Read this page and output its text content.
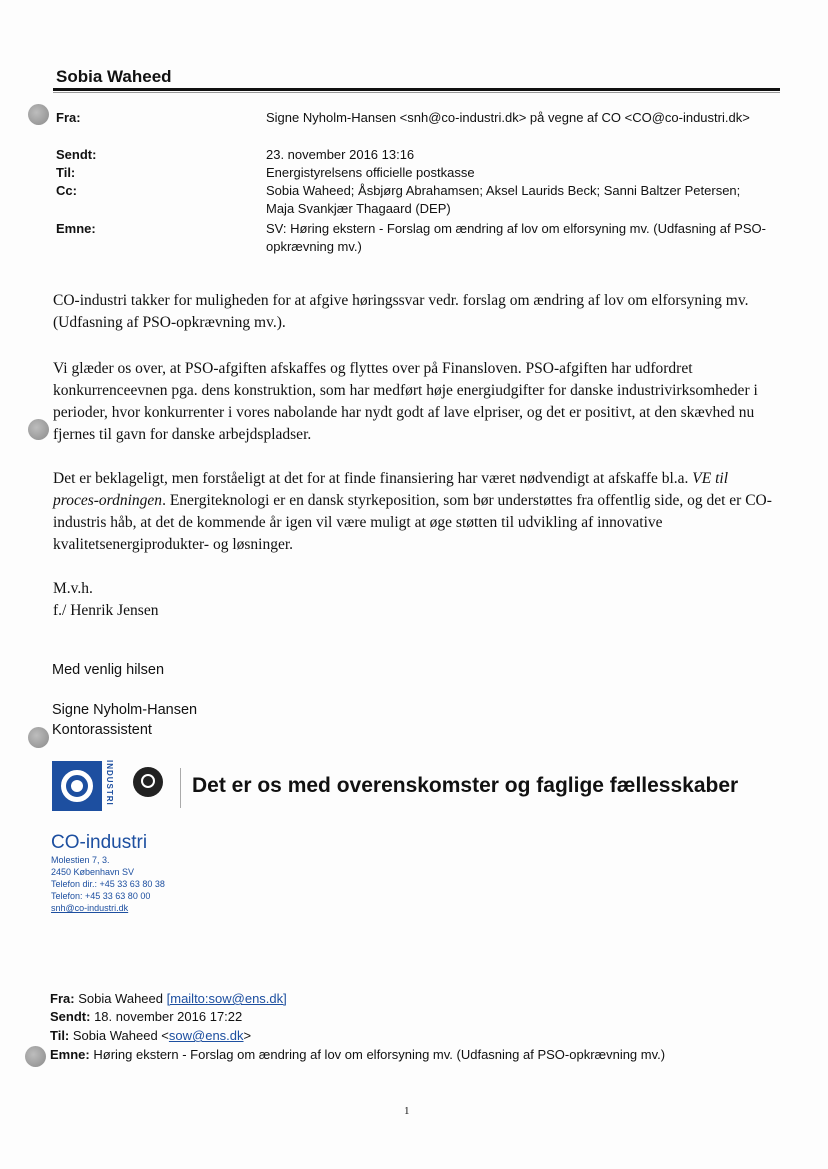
Sobia Waheed
Fra:	Signe Nyholm-Hansen <snh@co-industri.dk> på vegne af CO <CO@co-industri.dk>
Sendt:	23. november 2016 13:16
Til:	Energistyrelsens officielle postkasse
Cc:	Sobia Waheed; Åsbjørg Abrahamsen; Aksel Laurids Beck; Sanni Baltzer Petersen; Maja Svankjær Thagaard (DEP)
Emne:	SV: Høring ekstern - Forslag om ændring af lov om elforsyning mv. (Udfasning af PSO-opkrævning mv.)
CO-industri takker for muligheden for at afgive høringssvar vedr. forslag om ændring af lov om elforsyning mv. (Udfasning af PSO-opkrævning mv.).
Vi glæder os over, at PSO-afgiften afskaffes og flyttes over på Finansloven. PSO-afgiften har udfordret konkurrenceevnen pga. dens konstruktion, som har medført høje energiudgifter for danske industrivirksomheder i perioder, hvor konkurrenter i vores nabolande har nydt godt af lave elpriser, og det er positivt, at den skævhed nu fjernes til gavn for danske arbejdspladser.
Det er beklageligt, men forståeligt at det for at finde finansiering har været nødvendigt at afskaffe bl.a. VE til proces-ordningen. Energiteknologi er en dansk styrkeposition, som bør understøttes fra offentlig side, og det er CO-industris håb, at det de kommende år igen vil være muligt at øge støtten til udvikling af innovative kvalitetsenergiprodukter- og løsninger.
M.v.h.
f./ Henrik Jensen
Med venlig hilsen
Signe Nyholm-Hansen
Kontorassistent
INDUSTRI	Det er os med overenskomster og faglige fællesskaber
CO-industri
Molestien 7, 3.
2450 København SV
Telefon dir.: +45 33 63 80 38
Telefon: +45 33 63 80 00
snh@co-industri.dk
Fra: Sobia Waheed [mailto:sow@ens.dk]
Sendt: 18. november 2016 17:22
Til: Sobia Waheed <sow@ens.dk>
Emne: Høring ekstern - Forslag om ændring af lov om elforsyning mv. (Udfasning af PSO-opkrævning mv.)
1
